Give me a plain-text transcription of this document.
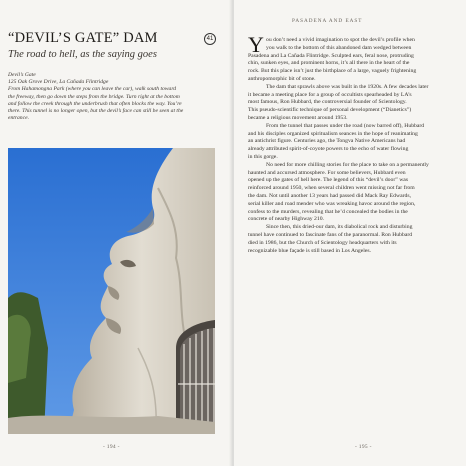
“DEVIL’S GATE” DAM	41
The road to hell, as the saying goes
Devil’s Gate
125 Oak Grove Drive, La Cañada Flintridge
From Hahamongna Park (where you can leave the car), walk south toward
the freeway, then go down the steps from the bridge. Turn right at the bottom
and follow the creek through the underbrush that often blocks the way. You’re
there. This tunnel is no longer open, but the devil’s face can still be seen at the
entrance.
- 194 -
PASADENA AND EAST
Y ou don’t need a vivid imagination to spot the devil’s profile when
you walk to the bottom of this abandoned dam wedged between
Pasadena and La Cañada Flintridge. Sculpted ears, feral nose, protruding
chin, sunken eyes, and prominent horns, it’s all there in the heart of the
rock. But this place isn’t just the birthplace of a large, vaguely frightening
anthropomorphic bit of stone.
The dam that sprawls above was built in the 1920s. A few decades later
it became a meeting place for a group of occultists spearheaded by LA’s
most famous, Ron Hubbard, the controversial founder of Scientology.
This pseudo-scientific technique of personal development (“Dianetics”)
became a religious movement around 1953.
From the tunnel that passes under the road (now barred off), Hubbard
and his disciples organized spiritualism seances in the hope of reanimating
an antichrist figure. Centuries ago, the Tongva Native Americans had
already attributed spirit-of-coyote powers to the echo of water flowing
in this gorge.
No need for more chilling stories for the place to take on a permanently
haunted and accursed atmosphere. For some believers, Hubbard even
opened up the gates of hell here. The legend of this “devil’s door” was
reinforced around 1950, when several children went missing not far from
the dam. Not until another 13 years had passed did Mack Ray Edwards,
serial killer and road mender who was wreaking havoc around the region,
confess to the murders, revealing that he’d concealed the bodies in the
concrete of nearby Highway 210.
Since then, this dried-our dam, its diabolical rock and disturbing
tunnel have continued to fascinate fans of the paranormal. Ron Hubbard
died in 1986, but the Church of Scientology headquarters with its
recognizable blue façade is still based in Los Angeles.
- 195 -
